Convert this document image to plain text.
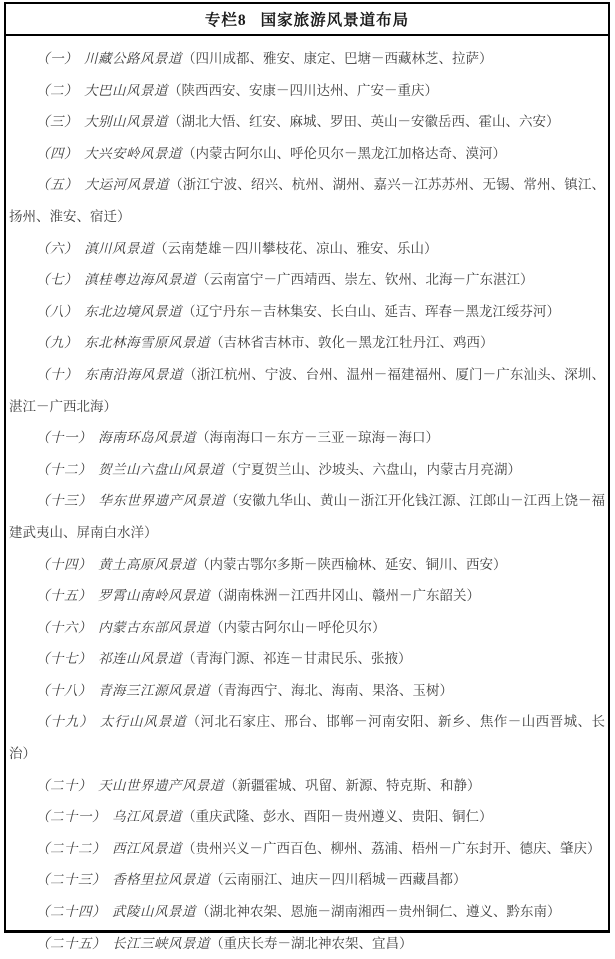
专栏8 国家旅游风景道布局

（一） 川藏公路风景道（四川成都、雅安、康定、巴塘－西藏林芝、拉萨）

（二） 大巴山风景道（陕西西安、安康－四川达州、广安－重庆）

（三） 大别山风景道（湖北大悟、红安、麻城、罗田、英山－安徽岳西、霍山、六安）

（四） 大兴安岭风景道（内蒙古阿尔山、呼伦贝尔－黑龙江加格达奇、漠河）

（五） 大运河风景道（浙江宁波、绍兴、杭州、湖州、嘉兴－江苏苏州、无锡、常州、镇江、扬州、淮安、宿迁）

（六） 滇川风景道（云南楚雄－四川攀枝花、凉山、雅安、乐山）

（七） 滇桂粤边海风景道（云南富宁－广西靖西、崇左、钦州、北海－广东湛江）

（八） 东北边境风景道（辽宁丹东－吉林集安、长白山、延吉、珲春－黑龙江绥芬河）

（九） 东北林海雪原风景道（吉林省吉林市、敦化－黑龙江牡丹江、鸡西）

（十） 东南沿海风景道（浙江杭州、宁波、台州、温州－福建福州、厦门－广东汕头、深圳、湛江－广西北海）

（十一） 海南环岛风景道（海南海口－东方－三亚－琼海－海口）

（十二） 贺兰山六盘山风景道（宁夏贺兰山、沙坡头、六盘山，内蒙古月亮湖）

（十三） 华东世界遗产风景道（安徽九华山、黄山－浙江开化钱江源、江郎山－江西上饶－福建武夷山、屏南白水洋）

（十四） 黄土高原风景道（内蒙古鄂尔多斯－陕西榆林、延安、铜川、西安）

（十五） 罗霄山南岭风景道（湖南株洲－江西井冈山、赣州－广东韶关）

（十六） 内蒙古东部风景道（内蒙古阿尔山－呼伦贝尔）

（十七） 祁连山风景道（青海门源、祁连－甘肃民乐、张掖）

（十八） 青海三江源风景道（青海西宁、海北、海南、果洛、玉树）

（十九） 太行山风景道（河北石家庄、邢台、邯郸－河南安阳、新乡、焦作－山西晋城、长治）

（二十） 天山世界遗产风景道（新疆霍城、巩留、新源、特克斯、和静）

（二十一） 乌江风景道（重庆武隆、彭水、酉阳－贵州遵义、贵阳、铜仁）

（二十二） 西江风景道（贵州兴义－广西百色、柳州、荔浦、梧州－广东封开、德庆、肇庆）

（二十三） 香格里拉风景道（云南丽江、迪庆－四川稻城－西藏昌都）

（二十四） 武陵山风景道（湖北神农架、恩施－湖南湘西－贵州铜仁、遵义、黔东南）

（二十五） 长江三峡风景道（重庆长寿－湖北神农架、宜昌）
